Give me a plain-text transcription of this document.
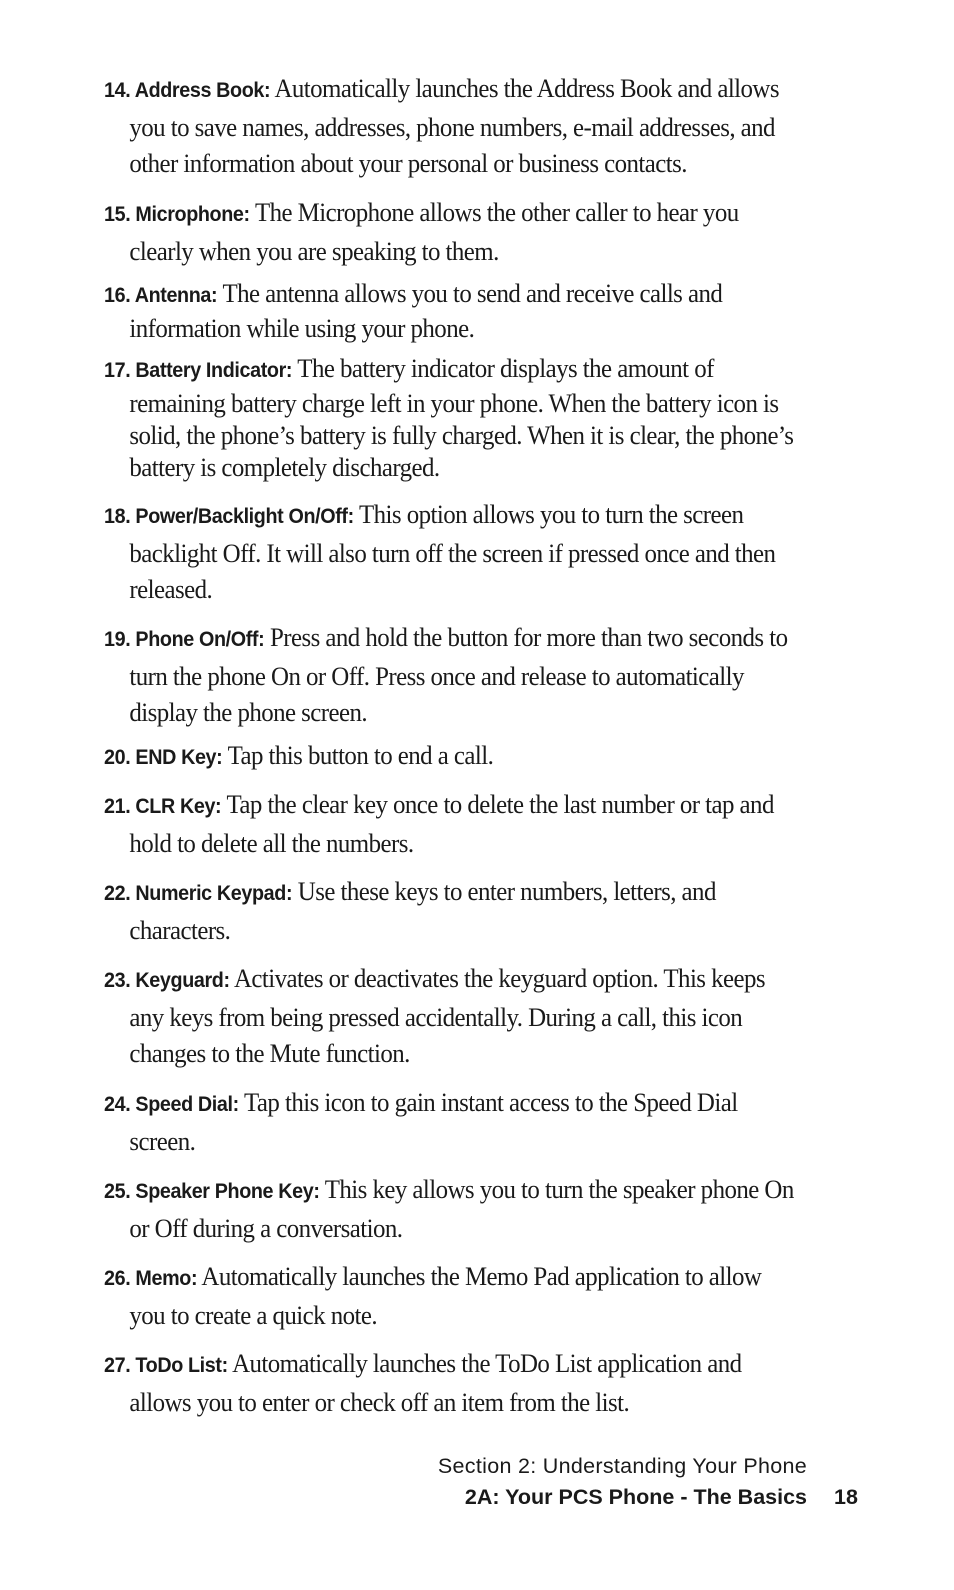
14. Address Book: Automatically launches the Address Book and allows you to save names, addresses, phone numbers, e-mail addresses, and other information about your personal or business contacts.

15. Microphone: The Microphone allows the other caller to hear you clearly when you are speaking to them.

16. Antenna: The antenna allows you to send and receive calls and information while using your phone.

17. Battery Indicator: The battery indicator displays the amount of remaining battery charge left in your phone. When the battery icon is solid, the phone’s battery is fully charged. When it is clear, the phone’s battery is completely discharged.

18. Power/Backlight On/Off: This option allows you to turn the screen backlight Off. It will also turn off the screen if pressed once and then released.

19. Phone On/Off: Press and hold the button for more than two seconds to turn the phone On or Off. Press once and release to automatically display the phone screen.

20. END Key: Tap this button to end a call.

21. CLR Key: Tap the clear key once to delete the last number or tap and hold to delete all the numbers.

22. Numeric Keypad: Use these keys to enter numbers, letters, and characters.

23. Keyguard: Activates or deactivates the keyguard option. This keeps any keys from being pressed accidentally. During a call, this icon changes to the Mute function.

24. Speed Dial: Tap this icon to gain instant access to the Speed Dial screen.

25. Speaker Phone Key: This key allows you to turn the speaker phone On or Off during a conversation.

26. Memo: Automatically launches the Memo Pad application to allow you to create a quick note.

27. ToDo List: Automatically launches the ToDo List application and allows you to enter or check off an item from the list.

Section 2: Understanding Your Phone
2A: Your PCS Phone - The Basics 18
